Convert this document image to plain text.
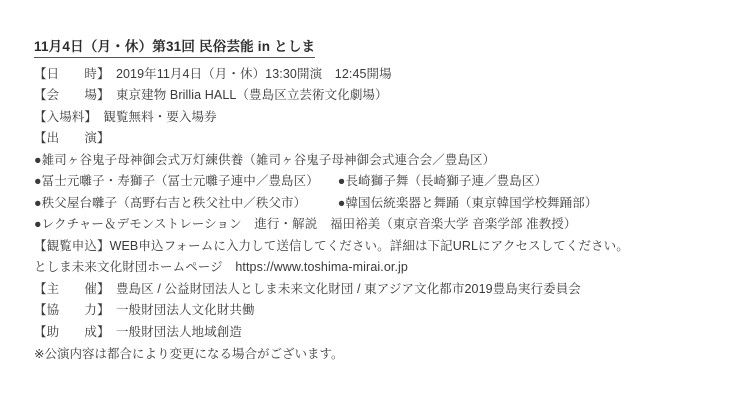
11月4日（月・休）第31回 民俗芸能 in としま

【日　　時】　2019年11月4日（月・休）13:30開演　12:45開場

【会　　場】　東京建物 Brillia HALL（豊島区立芸術文化劇場）

【入場料】　観覧無料・要入場券

【出　　演】

●雑司ヶ谷鬼子母神御会式万灯練供養（雑司ヶ谷鬼子母神御会式連合会／豊島区）

●冨士元囃子・寿獅子（冨士元囃子連中／豊島区）　　●長崎獅子舞（長崎獅子連／豊島区）

●秩父屋台囃子（髙野右吉と秩父社中／秩父市）　　　●韓国伝統楽器と舞踊（東京韓国学校舞踊部）

●レクチャー＆デモンストレーション　進行・解説　福田裕美（東京音楽大学 音楽学部 准教授）

【観覧申込】WEB申込フォームに入力して送信してください。詳細は下記URLにアクセスしてください。

としま未来文化財団ホームページ　https://www.toshima-mirai.or.jp

【主　　催】　豊島区 / 公益財団法人としま未来文化財団 / 東アジア文化都市2019豊島実行委員会

【協　　力】　一般財団法人文化財共働

【助　　成】　一般財団法人地域創造

※公演内容は都合により変更になる場合がございます。
